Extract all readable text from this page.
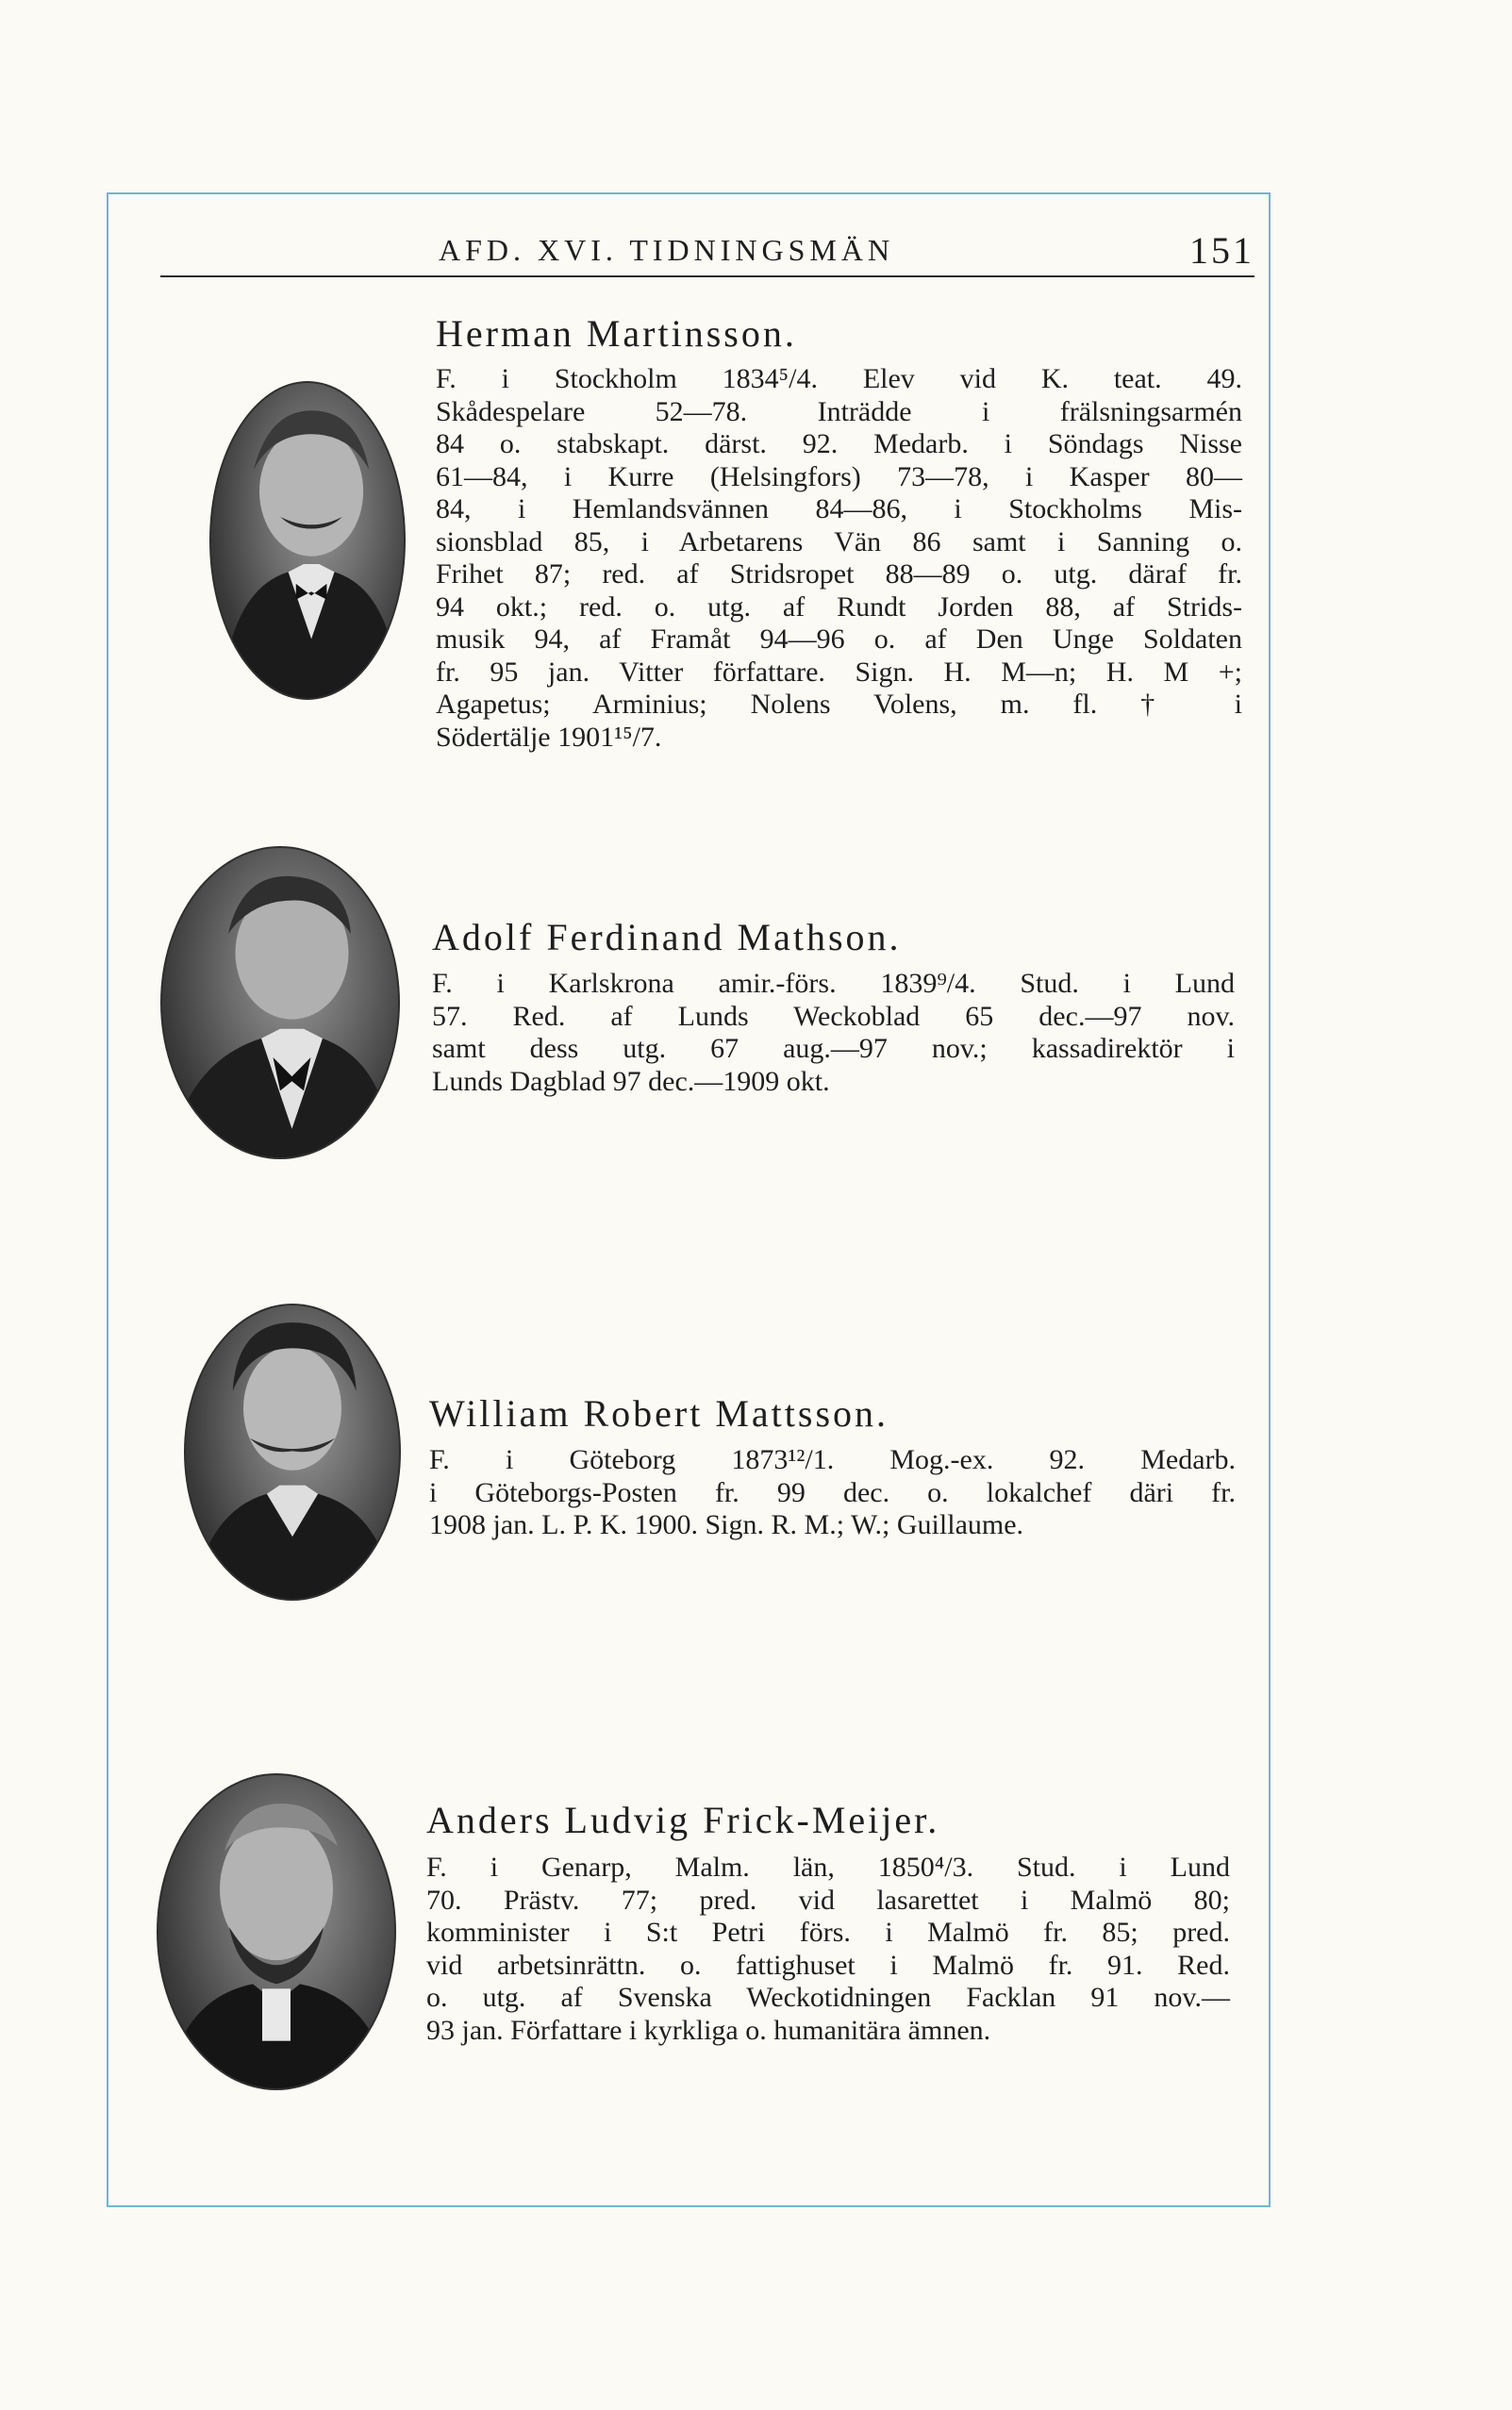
AFD. XVI. TIDNINGSMÄN	151
Herman Martinsson.
F. i Stockholm 1834⁵/4. Elev vid K. teat. 49.
Skådespelare 52—78. Inträdde i frälsningsarmén
84 o. stabskapt. därst. 92. Medarb. i Söndags Nisse
61—84, i Kurre (Helsingfors) 73—78, i Kasper 80—
84, i Hemlandsvännen 84—86, i Stockholms Mis-
sionsblad 85, i Arbetarens Vän 86 samt i Sanning o.
Frihet 87; red. af Stridsropet 88—89 o. utg. däraf fr.
94 okt.; red. o. utg. af Rundt Jorden 88, af Strids-
musik 94, af Framåt 94—96 o. af Den Unge Soldaten
fr. 95 jan. Vitter författare. Sign. H. M—n; H. M +;
Agapetus; Arminius; Nolens Volens, m. fl. † i
Södertälje 1901¹⁵/7.
Adolf Ferdinand Mathson.
F. i Karlskrona amir.-förs. 1839⁹/4. Stud. i Lund
57. Red. af Lunds Weckoblad 65 dec.—97 nov.
samt dess utg. 67 aug.—97 nov.; kassadirektör i
Lunds Dagblad 97 dec.—1909 okt.
William Robert Mattsson.
F. i Göteborg 1873¹²/1. Mog.-ex. 92. Medarb.
i Göteborgs-Posten fr. 99 dec. o. lokalchef däri fr.
1908 jan. L. P. K. 1900. Sign. R. M.; W.; Guillaume.
Anders Ludvig Frick-Meijer.
F. i Genarp, Malm. län, 1850⁴/3. Stud. i Lund
70. Prästv. 77; pred. vid lasarettet i Malmö 80;
komminister i S:t Petri förs. i Malmö fr. 85; pred.
vid arbetsinrättn. o. fattighuset i Malmö fr. 91. Red.
o. utg. af Svenska Weckotidningen Facklan 91 nov.—
93 jan. Författare i kyrkliga o. humanitära ämnen.
